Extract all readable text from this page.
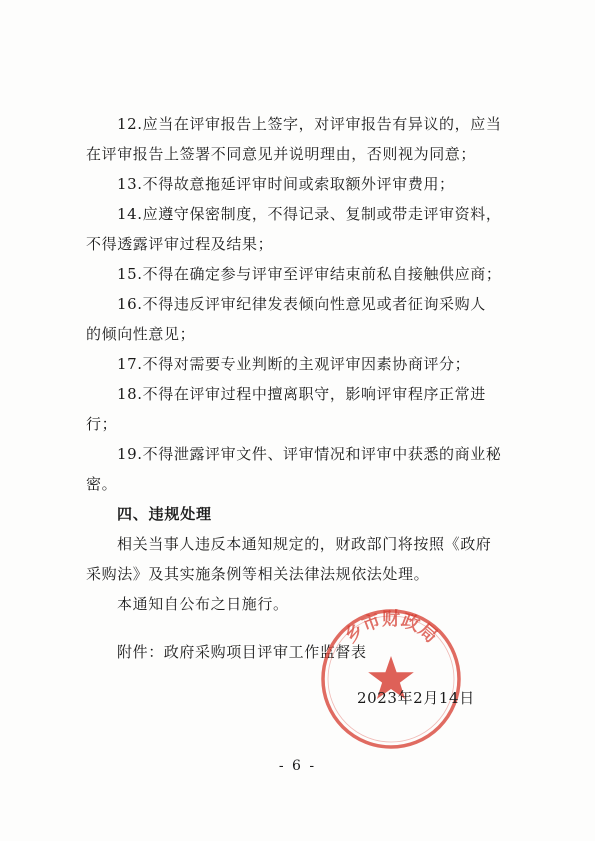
12.应当在评审报告上签字，对评审报告有异议的，应当
在评审报告上签署不同意见并说明理由，否则视为同意；
13.不得故意拖延评审时间或索取额外评审费用；
14.应遵守保密制度，不得记录、复制或带走评审资料，
不得透露评审过程及结果；
15.不得在确定参与评审至评审结束前私自接触供应商；
16.不得违反评审纪律发表倾向性意见或者征询采购人
的倾向性意见；
17.不得对需要专业判断的主观评审因素协商评分；
18.不得在评审过程中擅离职守，影响评审程序正常进
行；
19.不得泄露评审文件、评审情况和评审中获悉的商业秘
密。
四、违规处理
相关当事人违反本通知规定的，财政部门将按照《政府
采购法》及其实施条例等相关法律法规依法处理。
本通知自公布之日施行。
附件：政府采购项目评审工作监督表
乡市财政局
2023年2月14日
- 6 -
